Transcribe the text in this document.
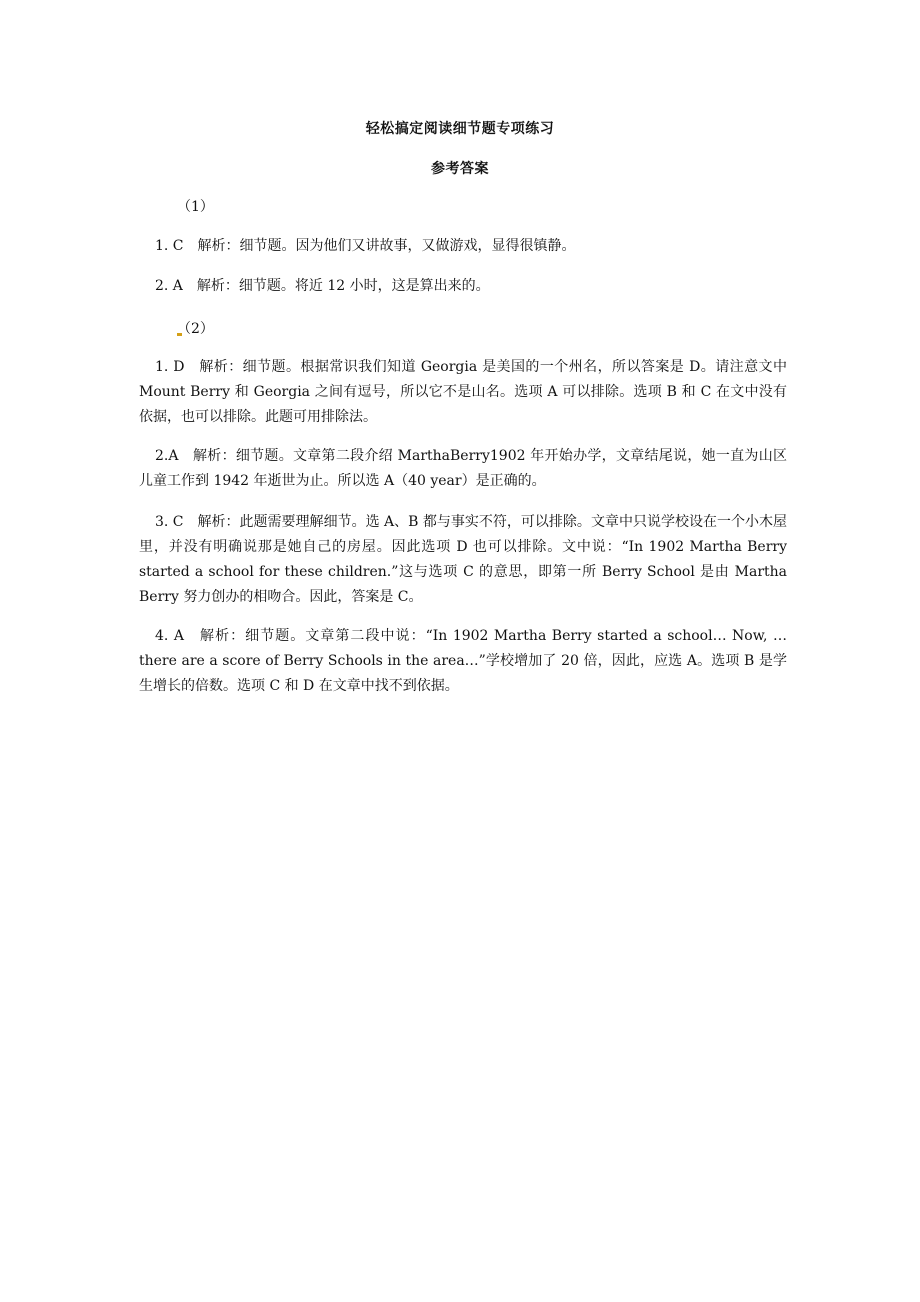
轻松搞定阅读细节题专项练习
参考答案
（1）
1. C　解析：细节题。因为他们又讲故事，又做游戏，显得很镇静。
2. A　解析：细节题。将近 12 小时，这是算出来的。
（2）
1. D　解析：细节题。根据常识我们知道 Georgia 是美国的一个州名，所以答案是 D。请注意文中 Mount Berry 和 Georgia 之间有逗号，所以它不是山名。选项 A 可以排除。选项 B 和 C 在文中没有依据，也可以排除。此题可用排除法。
2.A　解析：细节题。文章第二段介绍 MarthaBerry1902 年开始办学，文章结尾说，她一直为山区儿童工作到 1942 年逝世为止。所以选 A（40 year）是正确的。
3. C　解析：此题需要理解细节。选 A、B 都与事实不符，可以排除。文章中只说学校设在一个小木屋里，并没有明确说那是她自己的房屋。因此选项 D 也可以排除。文中说：“In 1902 Martha Berry started a school for these children.”这与选项 C 的意思，即第一所 Berry School 是由 Martha Berry 努力创办的相吻合。因此，答案是 C。
4. A　解析：细节题。文章第二段中说：“In 1902 Martha Berry started a school… Now, … there are a score of Berry Schools in the area…”学校增加了 20 倍，因此，应选 A。选项 B 是学生增长的倍数。选项 C 和 D 在文章中找不到依据。
